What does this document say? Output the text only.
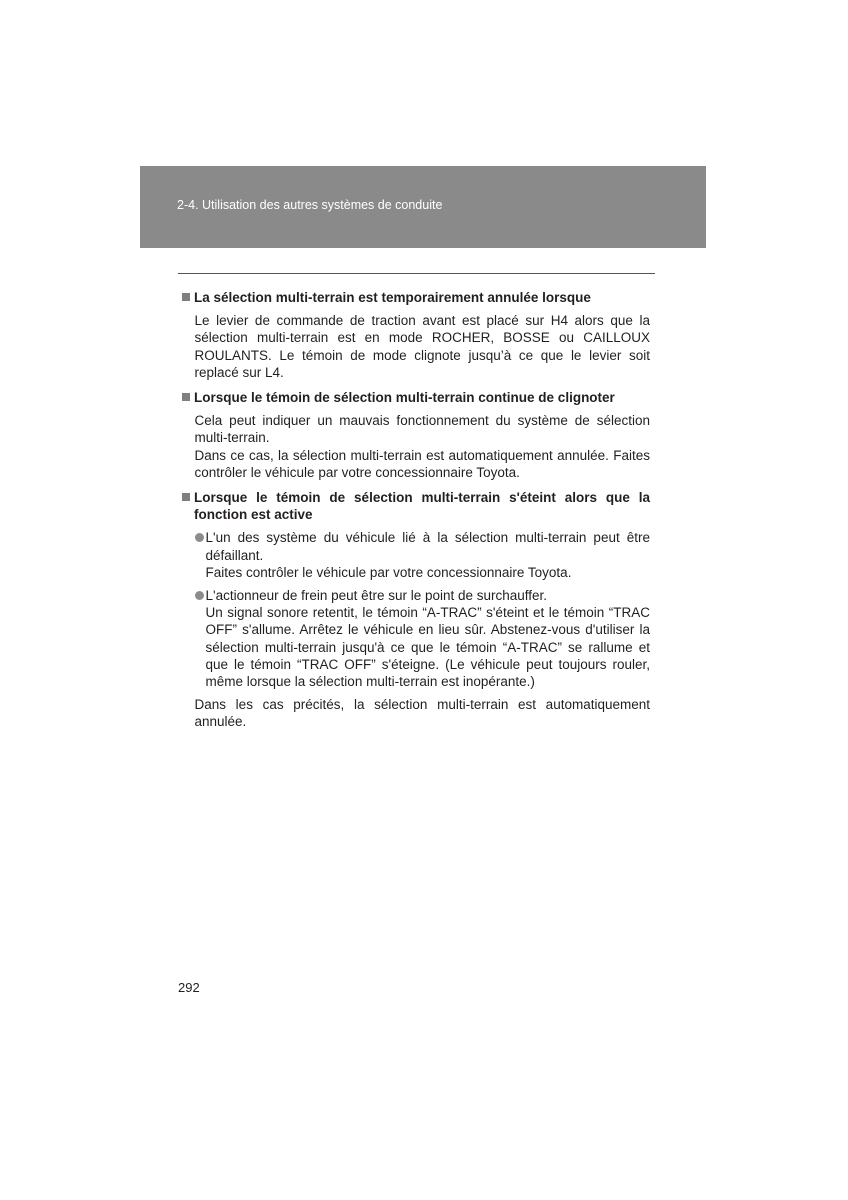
2-4. Utilisation des autres systèmes de conduite
La sélection multi-terrain est temporairement annulée lorsque
Le levier de commande de traction avant est placé sur H4 alors que la sélection multi-terrain est en mode ROCHER, BOSSE ou CAILLOUX ROULANTS. Le témoin de mode clignote jusqu’à ce que le levier soit replacé sur L4.
Lorsque le témoin de sélection multi-terrain continue de clignoter
Cela peut indiquer un mauvais fonctionnement du système de sélection multi-terrain.
Dans ce cas, la sélection multi-terrain est automatiquement annulée. Faites contrôler le véhicule par votre concessionnaire Toyota.
Lorsque le témoin de sélection multi-terrain s'éteint alors que la fonction est active
L'un des système du véhicule lié à la sélection multi-terrain peut être défaillant.
Faites contrôler le véhicule par votre concessionnaire Toyota.
L'actionneur de frein peut être sur le point de surchauffer.
Un signal sonore retentit, le témoin “A-TRAC” s'éteint et le témoin “TRAC OFF” s'allume. Arrêtez le véhicule en lieu sûr. Abstenez-vous d'utiliser la sélection multi-terrain jusqu'à ce que le témoin “A-TRAC” se rallume et que le témoin “TRAC OFF” s'éteigne. (Le véhicule peut toujours rouler, même lorsque la sélection multi-terrain est inopérante.)
Dans les cas précités, la sélection multi-terrain est automatiquement annulée.
292
